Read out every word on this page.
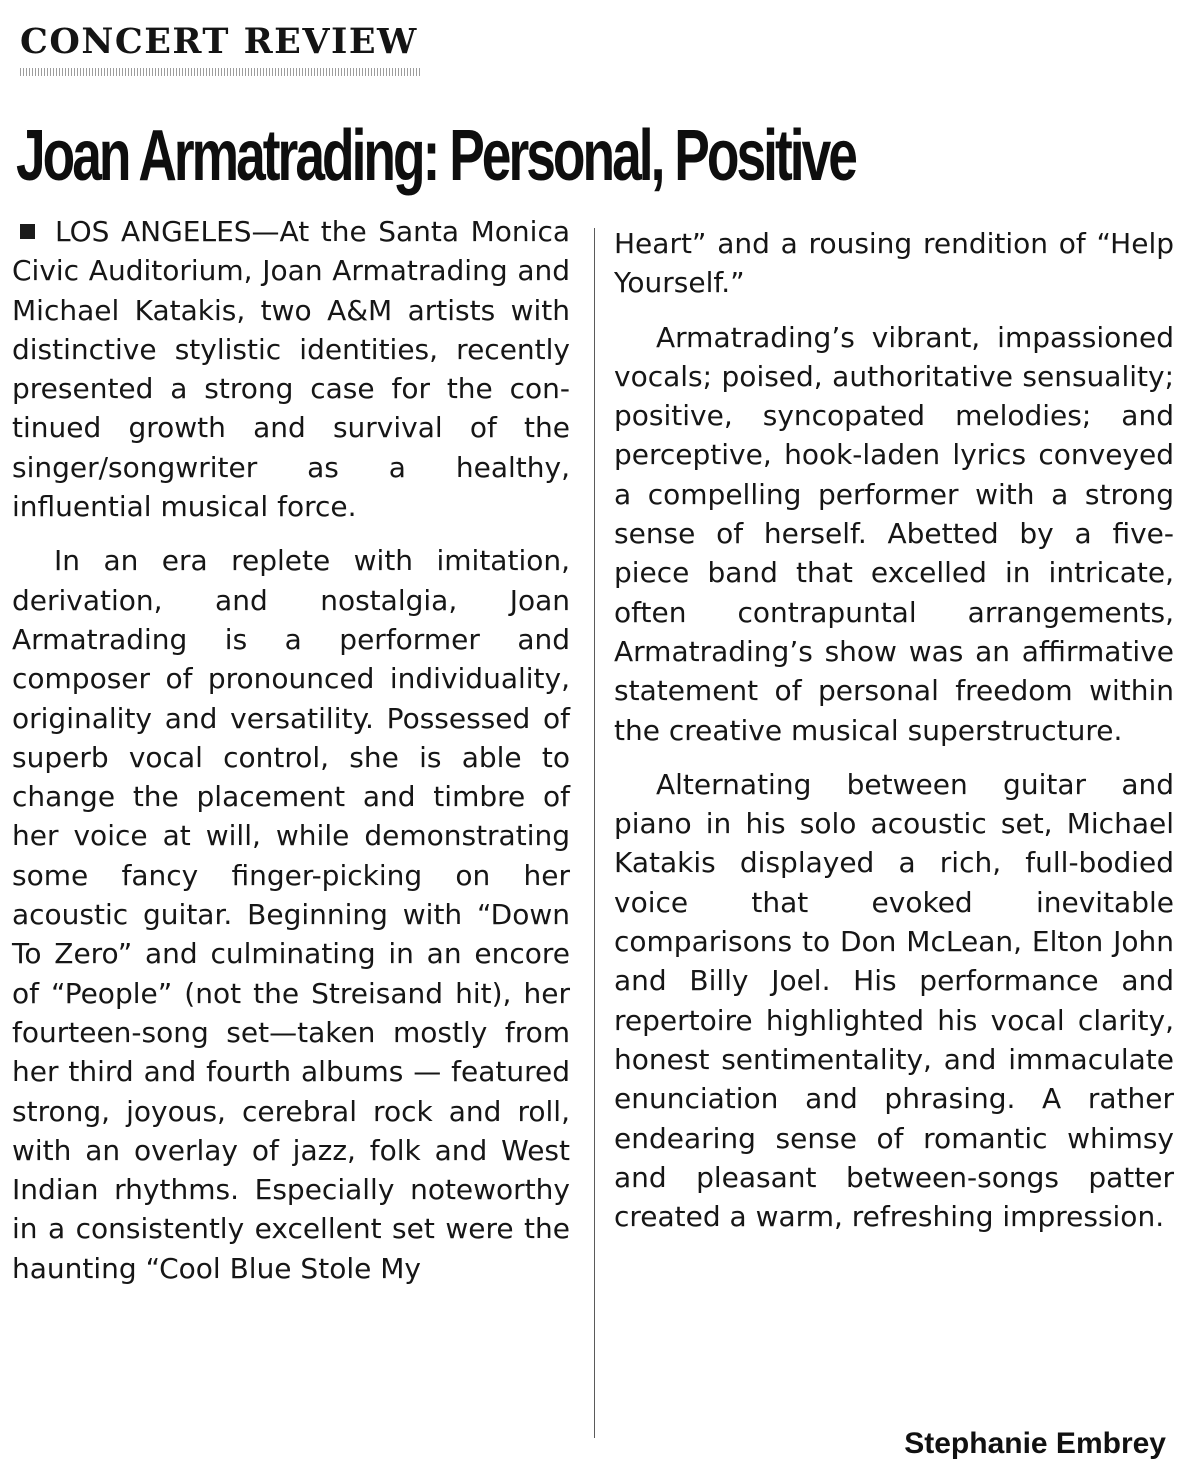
CONCERT REVIEW
Joan Armatrading: Personal, Positive

LOS ANGELES—At the Santa Monica Civic Auditorium, Joan Armatrading and Michael Katakis, two A&M artists with distinctive stylistic identities, recently presented a strong case for the continued growth and survival of the singer/songwriter as a healthy, influential musical force.

In an era replete with imitation, derivation, and nostalgia, Joan Armatrading is a performer and composer of pronounced individuality, originality and versatility. Possessed of superb vocal control, she is able to change the placement and timbre of her voice at will, while demonstrating some fancy finger-picking on her acoustic guitar. Beginning with “Down To Zero” and culminating in an encore of “People” (not the Streisand hit), her fourteen-song set—taken mostly from her third and fourth albums — featured strong, joyous, cerebral rock and roll, with an overlay of jazz, folk and West Indian rhythms. Especially noteworthy in a consistently excellent set were the haunting “Cool Blue Stole My

Heart” and a rousing rendition of “Help Yourself.”

Armatrading’s vibrant, impassioned vocals; poised, authoritative sensuality; positive, syncopated melodies; and perceptive, hook-laden lyrics conveyed a compelling performer with a strong sense of herself. Abetted by a five-piece band that excelled in intricate, often contrapuntal arrangements, Armatrading’s show was an affirmative statement of personal freedom within the creative musical superstructure.

Alternating between guitar and piano in his solo acoustic set, Michael Katakis displayed a rich, full-bodied voice that evoked inevitable comparisons to Don McLean, Elton John and Billy Joel. His performance and repertoire highlighted his vocal clarity, honest sentimentality, and immaculate enunciation and phrasing. A rather endearing sense of romantic whimsy and pleasant between-songs patter created a warm, refreshing impression.

Stephanie Embrey
